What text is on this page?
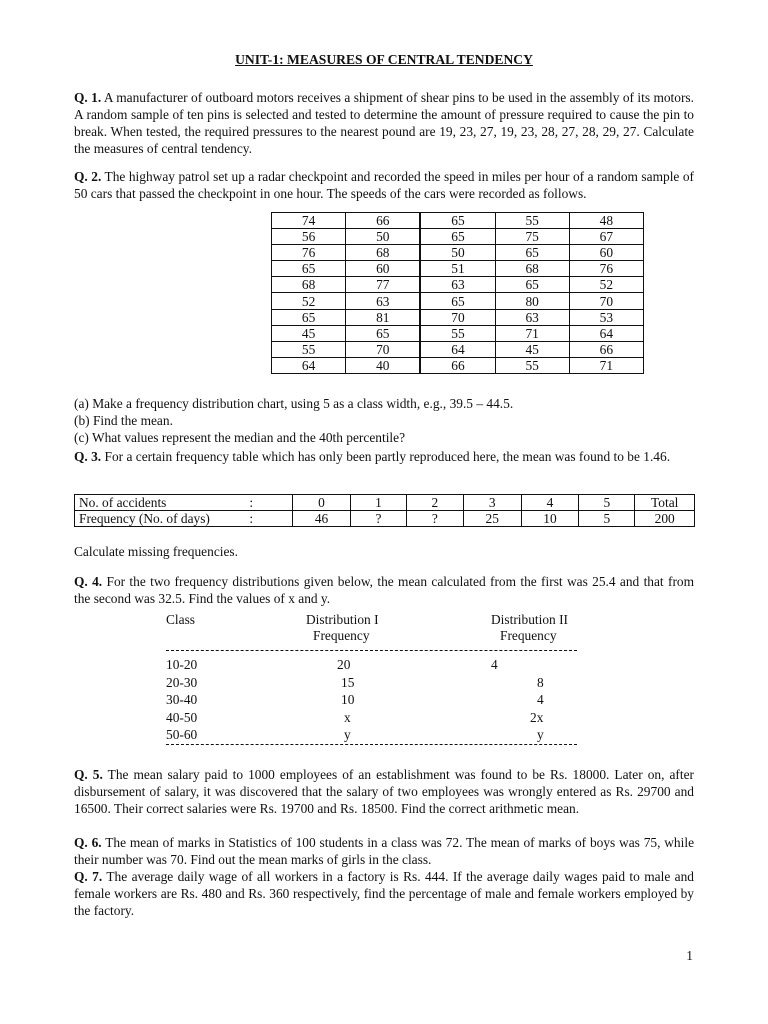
UNIT-1: MEASURES OF CENTRAL TENDENCY

Q. 1. A manufacturer of outboard motors receives a shipment of shear pins to be used in the assembly of its motors. A random sample of ten pins is selected and tested to determine the amount of pressure required to cause the pin to break. When tested, the required pressures to the nearest pound are 19, 23, 27, 19, 23, 28, 27, 28, 29, 27. Calculate the measures of central tendency.

Q. 2. The highway patrol set up a radar checkpoint and recorded the speed in miles per hour of a random sample of 50 cars that passed the checkpoint in one hour. The speeds of the cars were recorded as follows.

74	66	65	55	48
56	50	65	75	67
76	68	50	65	60
65	60	51	68	76
68	77	63	65	52
52	63	65	80	70
65	81	70	63	53
45	65	55	71	64
55	70	64	45	66
64	40	66	55	71
(a) Make a frequency distribution chart, using 5 as a class width, e.g., 39.5 – 44.5.
(b) Find the mean.
(c) What values represent the median and the 40th percentile?

Q. 3. For a certain frequency table which has only been partly reproduced here, the mean was found to be 1.46.

No. of accidents	:	0	1	2	3	4	5	Total
Frequency (No. of days)	:	46	?	?	25	10	5	200
Calculate missing frequencies.

Q. 4. For the two frequency distributions given below, the mean calculated from the first was 25.4 and that from the second was 32.5. Find the values of x and y.

Class	Distribution I
Frequency
Distribution II
Frequency
10-20	20	4
20-30	15	8
30-40	10	4
40-50	x	2x
50-60	y	y

Q. 5. The mean salary paid to 1000 employees of an establishment was found to be Rs. 18000. Later on, after disbursement of salary, it was discovered that the salary of two employees was wrongly entered as Rs. 29700 and 16500. Their correct salaries were Rs. 19700 and Rs. 18500. Find the correct arithmetic mean.

Q. 6. The mean of marks in Statistics of 100 students in a class was 72. The mean of marks of boys was 75, while their number was 70. Find out the mean marks of girls in the class.

Q. 7. The average daily wage of all workers in a factory is Rs. 444. If the average daily wages paid to male and female workers are Rs. 480 and Rs. 360 respectively, find the percentage of male and female workers employed by the factory.

1
